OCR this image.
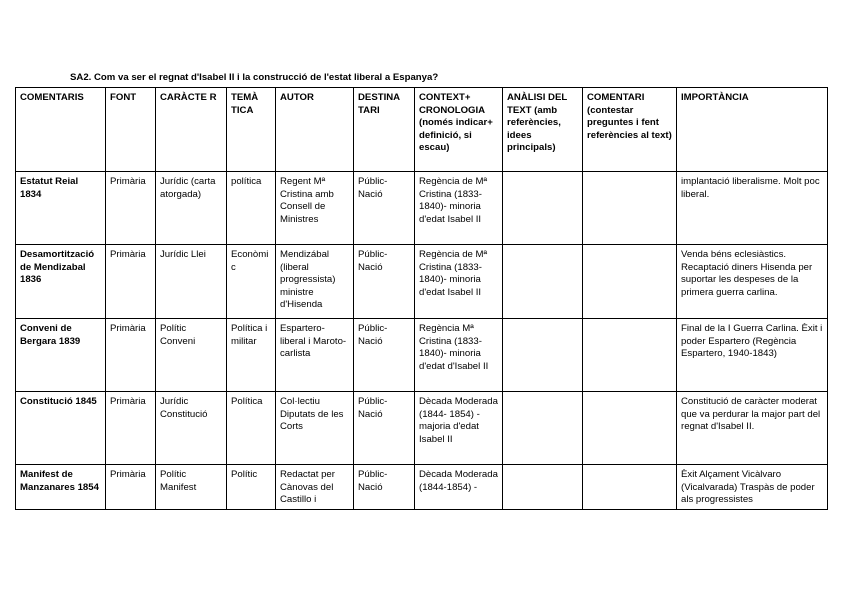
SA2. Com va ser el regnat d'Isabel II i la construcció de l'estat liberal a Espanya?
COMENTARIS	FONT	CARÀCTE R	TEMÀ TICA	AUTOR	DESTINA TARI	CONTEXT+ CRONOLOGIA (només indicar+ definició, si escau)	ANÀLISI DEL TEXT (amb referències, idees principals)	COMENTARI (contestar preguntes i fent referències al text)	IMPORTÀNCIA
Estatut Reial 1834	Primària	Jurídic (carta atorgada)	política	Regent Mª Cristina amb Consell de Ministres	Públic-Nació	Regència de Mª Cristina (1833-1840)- minoria d'edat Isabel II			implantació liberalisme. Molt poc liberal.
Desamortització de Mendizabal 1836	Primària	Jurídic Llei	Econòmic	Mendizábal (liberal progressista) ministre d'Hisenda	Públic-Nació	Regència de Mª Cristina (1833-1840)- minoria d'edat Isabel II			Venda béns eclesiàstics. Recaptació diners Hisenda per suportar les despeses de la primera guerra carlina.
Conveni de Bergara 1839	Primària	Polític Conveni	Política i militar	Espartero- liberal i Maroto- carlista	Públic-Nació	Regència Mª Cristina (1833-1840)- minoria d'edat d'Isabel II			Final de la I Guerra Carlina. Èxit i poder Espartero (Regència Espartero, 1940-1843)
Constitució 1845	Primària	Jurídic Constitució	Política	Col·lectiu Diputats de les Corts	Públic-Nació	Dècada Moderada (1844- 1854) - majoria d'edat Isabel II			Constitució de caràcter moderat que va perdurar la major part del regnat d'Isabel II.
Manifest de Manzanares 1854	Primària	Polític Manifest	Polític	Redactat per Cànovas del Castillo i	Públic-Nació	Dècada Moderada (1844-1854) -			Èxit Alçament Vicàlvaro (Vicalvarada) Traspàs de poder als progressistes
